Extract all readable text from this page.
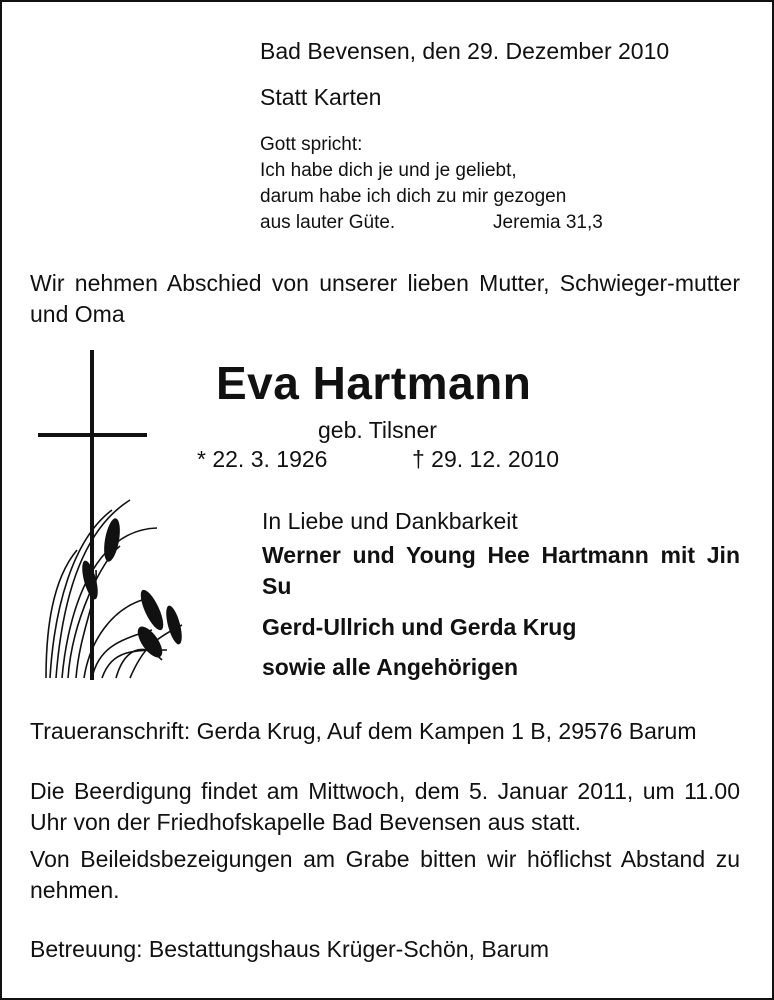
Bad Bevensen, den 29. Dezember 2010

Statt Karten

Gott spricht:
Ich habe dich je und je geliebt,
darum habe ich dich zu mir gezogen
aus lauter Güte.	Jeremia 31,3

Wir nehmen Abschied von unserer lieben Mutter, Schwieger-mutter und Oma

Eva Hartmann

geb. Tilsner

* 22. 3. 1926	† 29. 12. 2010

In Liebe und Dankbarkeit

Werner und Young Hee Hartmann mit Jin Su

Gerd-Ullrich und Gerda Krug

sowie alle Angehörigen

Traueranschrift: Gerda Krug, Auf dem Kampen 1 B, 29576 Barum

Die Beerdigung findet am Mittwoch, dem 5. Januar 2011, um 11.00 Uhr von der Friedhofskapelle Bad Bevensen aus statt.

Von Beileidsbezeigungen am Grabe bitten wir höflichst Abstand zu nehmen.

Betreuung: Bestattungshaus Krüger-Schön, Barum
